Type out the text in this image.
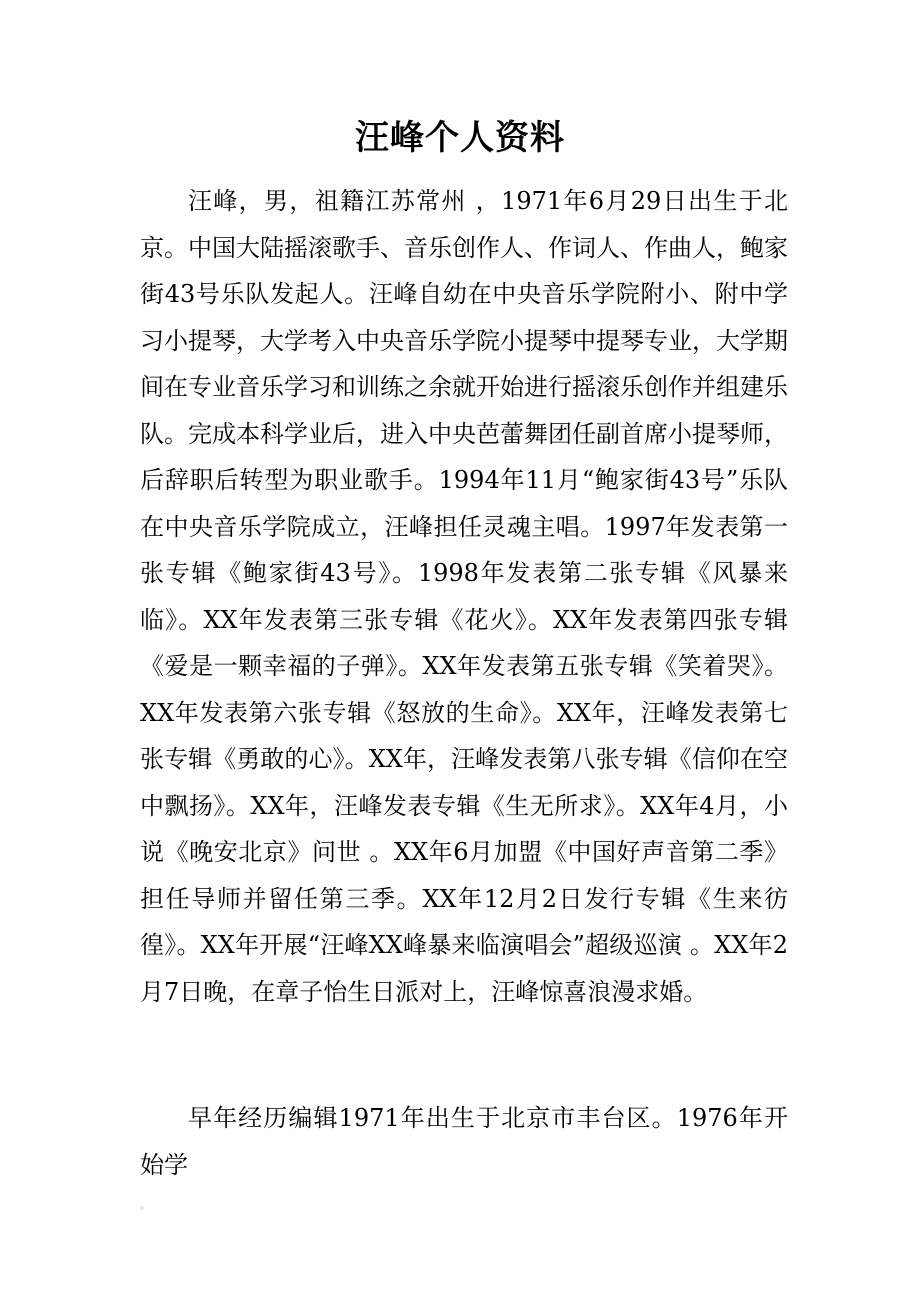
汪峰个人资料

汪峰，男，祖籍江苏常州 ，1971年6月29日出生于北京。中国大陆摇滚歌手、音乐创作人、作词人、作曲人，鲍家街43号乐队发起人。汪峰自幼在中央音乐学院附小、附中学习小提琴，大学考入中央音乐学院小提琴中提琴专业，大学期间在专业音乐学习和训练之余就开始进行摇滚乐创作并组建乐队。完成本科学业后，进入中央芭蕾舞团任副首席小提琴师，后辞职后转型为职业歌手。1994年11月“鲍家街43号”乐队在中央音乐学院成立，汪峰担任灵魂主唱。1997年发表第一张专辑《鲍家街43号》。1998年发表第二张专辑《风暴来临》。XX年发表第三张专辑《花火》。XX年发表第四张专辑《爱是一颗幸福的子弹》。XX年发表第五张专辑《笑着哭》。XX年发表第六张专辑《怒放的生命》。XX年，汪峰发表第七张专辑《勇敢的心》。XX年，汪峰发表第八张专辑《信仰在空中飘扬》。XX年，汪峰发表专辑《生无所求》。XX年4月，小说《晚安北京》问世 。XX年6月加盟《中国好声音第二季》担任导师并留任第三季。XX年12月2日发行专辑《生来彷徨》。XX年开展“汪峰XX峰暴来临演唱会”超级巡演 。XX年2月7日晚，在章子怡生日派对上，汪峰惊喜浪漫求婚。

早年经历编辑1971年出生于北京市丰台区。1976年开始学
